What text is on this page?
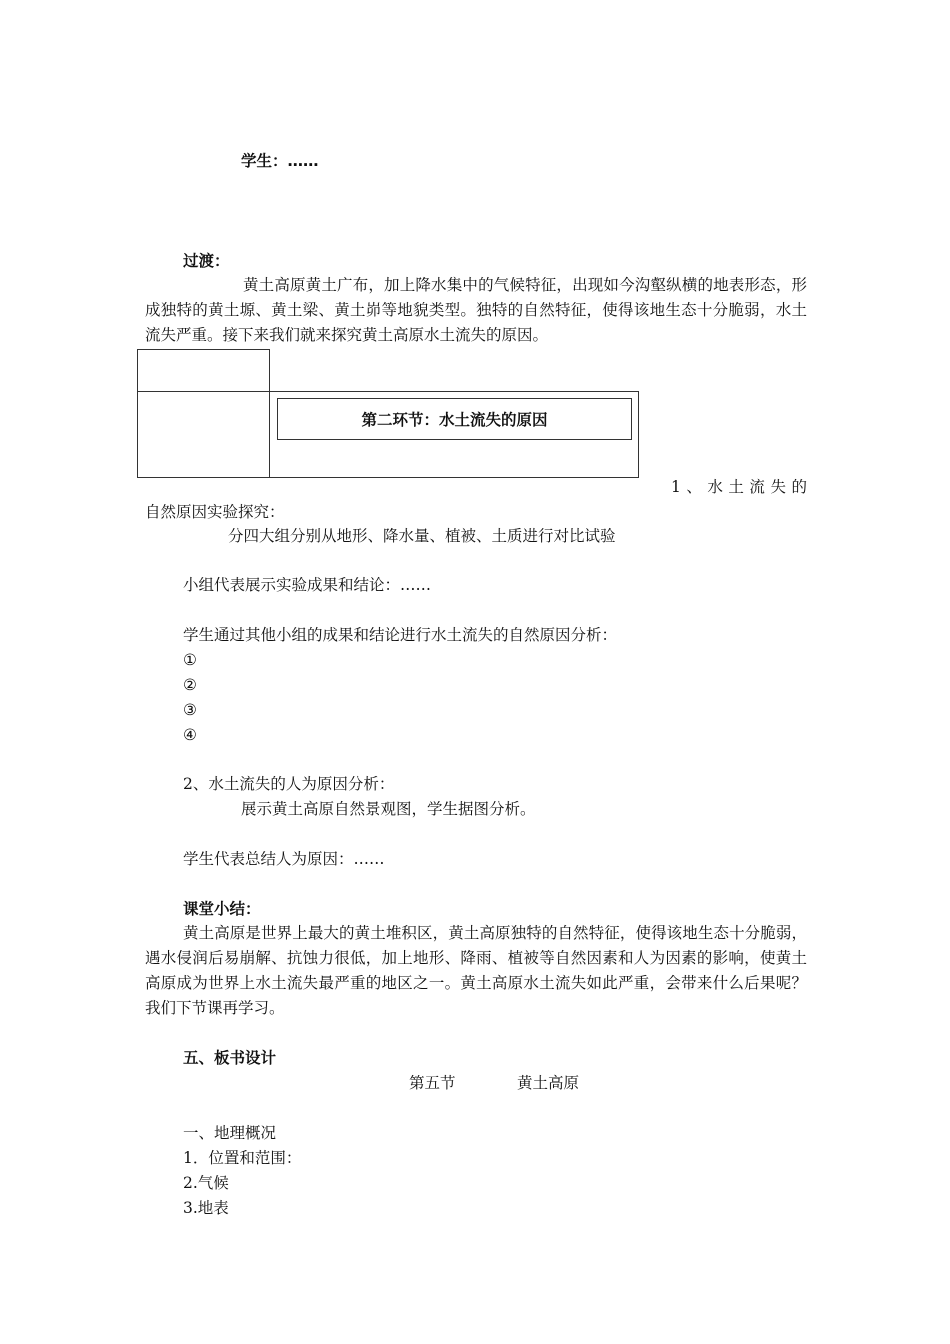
学生：……
过渡：
黄土高原黄土广布，加上降水集中的气候特征，出现如今沟壑纵横的地表形态，形成独特的黄土塬、黄土梁、黄土峁等地貌类型。独特的自然特征，使得该地生态十分脆弱，水土流失严重。接下来我们就来探究黄土高原水土流失的原因。
第二环节：水土流失的原因
1 、 水 土 流 失 的
自然原因实验探究：
分四大组分别从地形、降水量、植被、土质进行对比试验
小组代表展示实验成果和结论：……
学生通过其他小组的成果和结论进行水土流失的自然原因分析：
①
②
③
④
2、水土流失的人为原因分析：
展示黄土高原自然景观图，学生据图分析。
学生代表总结人为原因：……
课堂小结：
黄土高原是世界上最大的黄土堆积区，黄土高原独特的自然特征，使得该地生态十分脆弱，遇水侵润后易崩解、抗蚀力很低，加上地形、降雨、植被等自然因素和人为因素的影响，使黄土高原成为世界上水土流失最严重的地区之一。黄土高原水土流失如此严重，会带来什么后果呢？我们下节课再学习。
五、板书设计
第五节	黄土高原
一、地理概况
1．位置和范围：
2.气候
3.地表
